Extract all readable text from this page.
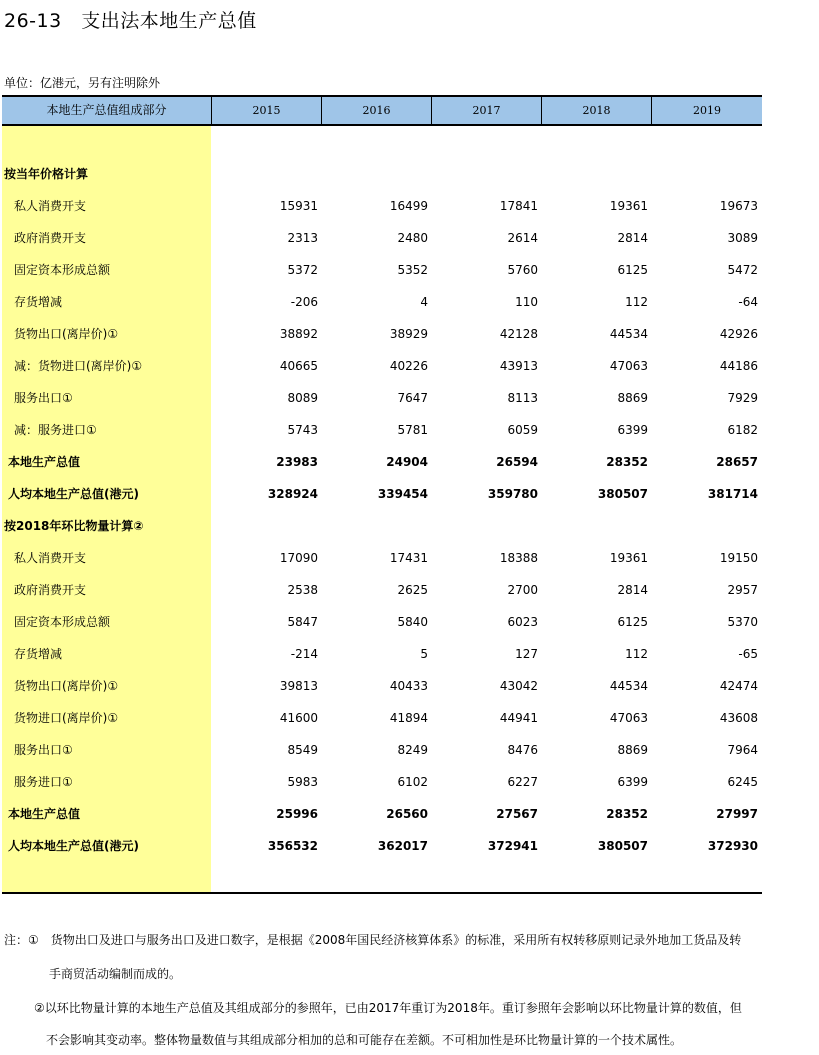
26-13　支出法本地生产总值
单位：亿港元，另有注明除外
本地生产总值组成部分	2015	2016	2017	2018	2019
按当年价格计算
私人消费开支	15931	16499	17841	19361	19673
政府消费开支	2313	2480	2614	2814	3089
固定资本形成总额	5372	5352	5760	6125	5472
存货增减	-206	4	110	112	-64
货物出口(离岸价)①	38892	38929	42128	44534	42926
减：货物进口(离岸价)①	40665	40226	43913	47063	44186
服务出口①	8089	7647	8113	8869	7929
减：服务进口①	5743	5781	6059	6399	6182
本地生产总值	23983	24904	26594	28352	28657
人均本地生产总值(港元)	328924	339454	359780	380507	381714
按2018年环比物量计算②
私人消费开支	17090	17431	18388	19361	19150
政府消费开支	2538	2625	2700	2814	2957
固定资本形成总额	5847	5840	6023	6125	5370
存货增减	-214	5	127	112	-65
货物出口(离岸价)①	39813	40433	43042	44534	42474
货物进口(离岸价)①	41600	41894	44941	47063	43608
服务出口①	8549	8249	8476	8869	7964
服务进口①	5983	6102	6227	6399	6245
本地生产总值	25996	26560	27567	28352	27997
人均本地生产总值(港元)	356532	362017	372941	380507	372930
注：①　货物出口及进口与服务出口及进口数字，是根据《2008年国民经济核算体系》的标准，采用所有权转移原则记录外地加工货品及转
手商贸活动编制而成的。
②以环比物量计算的本地生产总值及其组成部分的参照年，已由2017年重订为2018年。重订参照年会影响以环比物量计算的数值，但
不会影响其变动率。整体物量数值与其组成部分相加的总和可能存在差额。不可相加性是环比物量计算的一个技术属性。
